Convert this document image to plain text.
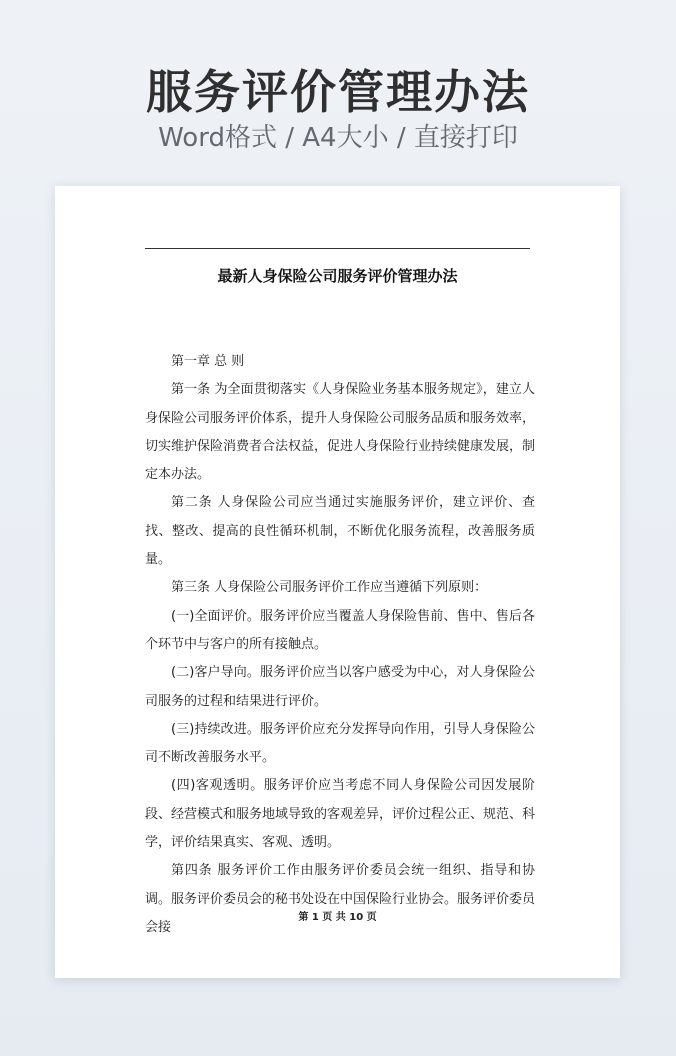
服务评价管理办法
Word格式 / A4大小 / 直接打印
最新人身保险公司服务评价管理办法

第一章 总 则

第一条 为全面贯彻落实《人身保险业务基本服务规定》，建立人身保险公司服务评价体系，提升人身保险公司服务品质和服务效率，切实维护保险消费者合法权益，促进人身保险行业持续健康发展，制定本办法。

第二条 人身保险公司应当通过实施服务评价，建立评价、查找、整改、提高的良性循环机制，不断优化服务流程，改善服务质量。

第三条 人身保险公司服务评价工作应当遵循下列原则：

(一)全面评价。服务评价应当覆盖人身保险售前、售中、售后各个环节中与客户的所有接触点。

(二)客户导向。服务评价应当以客户感受为中心，对人身保险公司服务的过程和结果进行评价。

(三)持续改进。服务评价应充分发挥导向作用，引导人身保险公司不断改善服务水平。

(四)客观透明。服务评价应当考虑不同人身保险公司因发展阶段、经营模式和服务地域导致的客观差异，评价过程公正、规范、科学，评价结果真实、客观、透明。

第四条 服务评价工作由服务评价委员会统一组织、指导和协调。服务评价委员会的秘书处设在中国保险行业协会。服务评价委员会接

第 1 页 共 10 页
